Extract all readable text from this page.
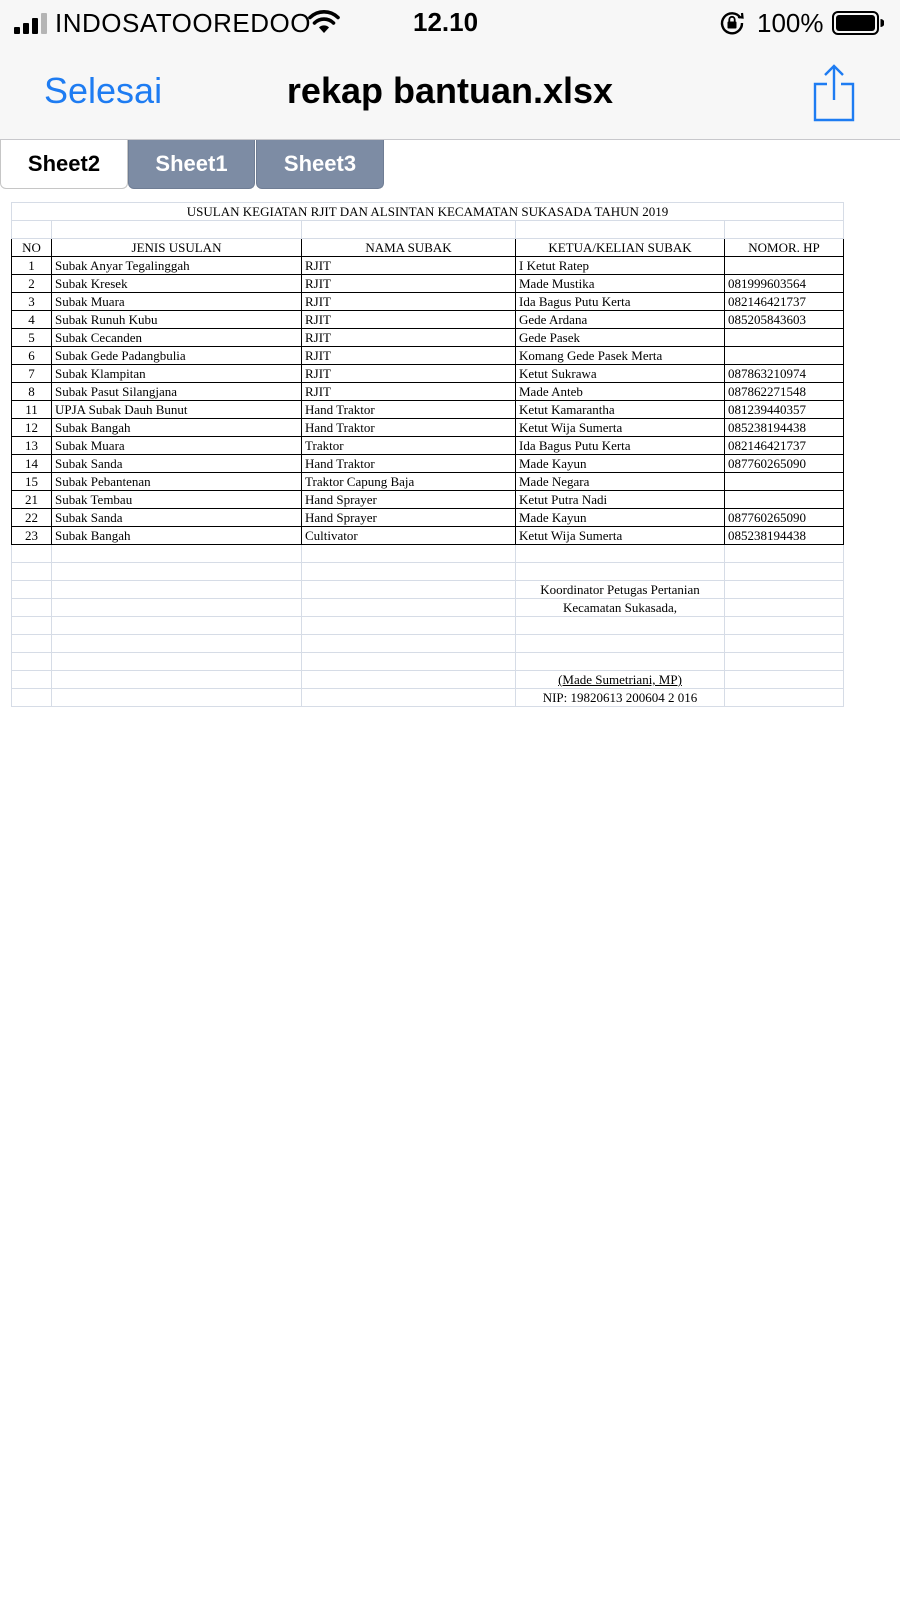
INDOSATOOREDOO	12.10	100%
Selesai	rekap bantuan.xlsx
Sheet2	Sheet1	Sheet3
USULAN KEGIATAN RJIT DAN ALSINTAN KECAMATAN SUKASADA TAHUN 2019				

NO	JENIS USULAN	NAMA SUBAK	KETUA/KELIAN SUBAK	NOMOR. HP
1	Subak Anyar Tegalinggah	RJIT	I Ketut Ratep	
2	Subak Kresek	RJIT	Made Mustika	081999603564
3	Subak Muara	RJIT	Ida Bagus Putu Kerta	082146421737
4	Subak Runuh Kubu	RJIT	Gede Ardana	085205843603
5	Subak Cecanden	RJIT	Gede Pasek	
6	Subak Gede Padangbulia	RJIT	Komang Gede Pasek Merta	
7	Subak Klampitan	RJIT	Ketut Sukrawa	087863210974
8	Subak Pasut Silangjana	RJIT	Made Anteb	087862271548
11	UPJA Subak Dauh Bunut	Hand Traktor	Ketut Kamarantha	081239440357
12	Subak Bangah	Hand Traktor	Ketut Wija Sumerta	085238194438
13	Subak Muara	Traktor	Ida Bagus Putu Kerta	082146421737
14	Subak Sanda	Hand Traktor	Made Kayun	087760265090
15	Subak Pebantenan	Traktor Capung Baja	Made Negara	
21	Subak Tembau	Hand Sprayer	Ketut Putra Nadi	
22	Subak Sanda	Hand Sprayer	Made Kayun	087760265090
23	Subak Bangah	Cultivator	Ketut Wija Sumerta	085238194438

			Koordinator Petugas Pertanian	
			Kecamatan Sukasada,	

			(Made Sumetriani, MP)	
			NIP: 19820613 200604 2 016	
